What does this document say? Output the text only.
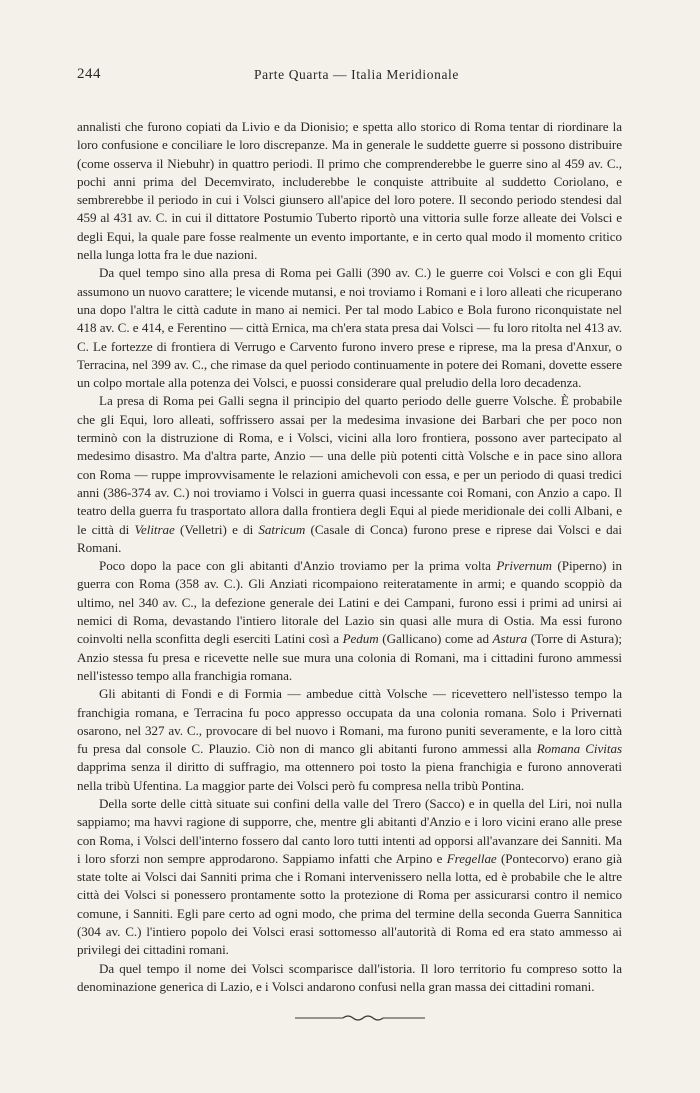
244	Parte Quarta — Italia Meridionale

annalisti che furono copiati da Livio e da Dionisio; e spetta allo storico di Roma tentar di riordinare la loro confusione e conciliare le loro discrepanze. Ma in generale le suddette guerre si possono distribuire (come osserva il Niebuhr) in quattro periodi. Il primo che comprenderebbe le guerre sino al 459 av. C., pochi anni prima del Decemvirato, includerebbe le conquiste attribuite al suddetto Coriolano, e sembrerebbe il periodo in cui i Volsci giunsero all'apice del loro potere. Il secondo periodo stendesi dal 459 al 431 av. C. in cui il dittatore Postumio Tuberto riportò una vittoria sulle forze alleate dei Volsci e degli Equi, la quale pare fosse realmente un evento importante, e in certo qual modo il momento critico nella lunga lotta fra le due nazioni.

Da quel tempo sino alla presa di Roma pei Galli (390 av. C.) le guerre coi Volsci e con gli Equi assumono un nuovo carattere; le vicende mutansi, e noi troviamo i Romani e i loro alleati che ricuperano una dopo l'altra le città cadute in mano ai nemici. Per tal modo Labico e Bola furono riconquistate nel 418 av. C. e 414, e Ferentino — città Ernica, ma ch'era stata presa dai Volsci — fu loro ritolta nel 413 av. C. Le fortezze di frontiera di Verrugo e Carvento furono invero prese e riprese, ma la presa d'Anxur, o Terracina, nel 399 av. C., che rimase da quel periodo continuamente in potere dei Romani, dovette essere un colpo mortale alla potenza dei Volsci, e puossi considerare qual preludio della loro decadenza.

La presa di Roma pei Galli segna il principio del quarto periodo delle guerre Volsche. È probabile che gli Equi, loro alleati, soffrissero assai per la medesima invasione dei Barbari che per poco non terminò con la distruzione di Roma, e i Volsci, vicini alla loro frontiera, possono aver partecipato al medesimo disastro. Ma d'altra parte, Anzio — una delle più potenti città Volsche e in pace sino allora con Roma — ruppe improvvisamente le relazioni amichevoli con essa, e per un periodo di quasi tredici anni (386-374 av. C.) noi troviamo i Volsci in guerra quasi incessante coi Romani, con Anzio a capo. Il teatro della guerra fu trasportato allora dalla frontiera degli Equi al piede meridionale dei colli Albani, e le città di Velitrae (Velletri) e di Satricum (Casale di Conca) furono prese e riprese dai Volsci e dai Romani.

Poco dopo la pace con gli abitanti d'Anzio troviamo per la prima volta Privernum (Piperno) in guerra con Roma (358 av. C.). Gli Anziati ricompaiono reiteratamente in armi; e quando scoppiò da ultimo, nel 340 av. C., la defezione generale dei Latini e dei Campani, furono essi i primi ad unirsi ai nemici di Roma, devastando l'intiero litorale del Lazio sin quasi alle mura di Ostia. Ma essi furono coinvolti nella sconfitta degli eserciti Latini così a Pedum (Gallicano) come ad Astura (Torre di Astura); Anzio stessa fu presa e ricevette nelle sue mura una colonia di Romani, ma i cittadini furono ammessi nell'istesso tempo alla franchigia romana.

Gli abitanti di Fondi e di Formia — ambedue città Volsche — ricevettero nell'istesso tempo la franchigia romana, e Terracina fu poco appresso occupata da una colonia romana. Solo i Privernati osarono, nel 327 av. C., provocare di bel nuovo i Romani, ma furono puniti severamente, e la loro città fu presa dal console C. Plauzio. Ciò non di manco gli abitanti furono ammessi alla Romana Civitas dapprima senza il diritto di suffragio, ma ottennero poi tosto la piena franchigia e furono annoverati nella tribù Ufentina. La maggior parte dei Volsci però fu compresa nella tribù Pontina.

Della sorte delle città situate sui confini della valle del Trero (Sacco) e in quella del Liri, noi nulla sappiamo; ma havvi ragione di supporre, che, mentre gli abitanti d'Anzio e i loro vicini erano alle prese con Roma, i Volsci dell'interno fossero dal canto loro tutti intenti ad opporsi all'avanzare dei Sanniti. Ma i loro sforzi non sempre approdarono. Sappiamo infatti che Arpino e Fregellae (Pontecorvo) erano già state tolte ai Volsci dai Sanniti prima che i Romani intervenissero nella lotta, ed è probabile che le altre città dei Volsci si ponessero prontamente sotto la protezione di Roma per assicurarsi contro il nemico comune, i Sanniti. Egli pare certo ad ogni modo, che prima del termine della seconda Guerra Sannitica (304 av. C.) l'intiero popolo dei Volsci erasi sottomesso all'autorità di Roma ed era stato ammesso ai privilegi dei cittadini romani.

Da quel tempo il nome dei Volsci scomparisce dall'istoria. Il loro territorio fu compreso sotto la denominazione generica di Lazio, e i Volsci andarono confusi nella gran massa dei cittadini romani.
